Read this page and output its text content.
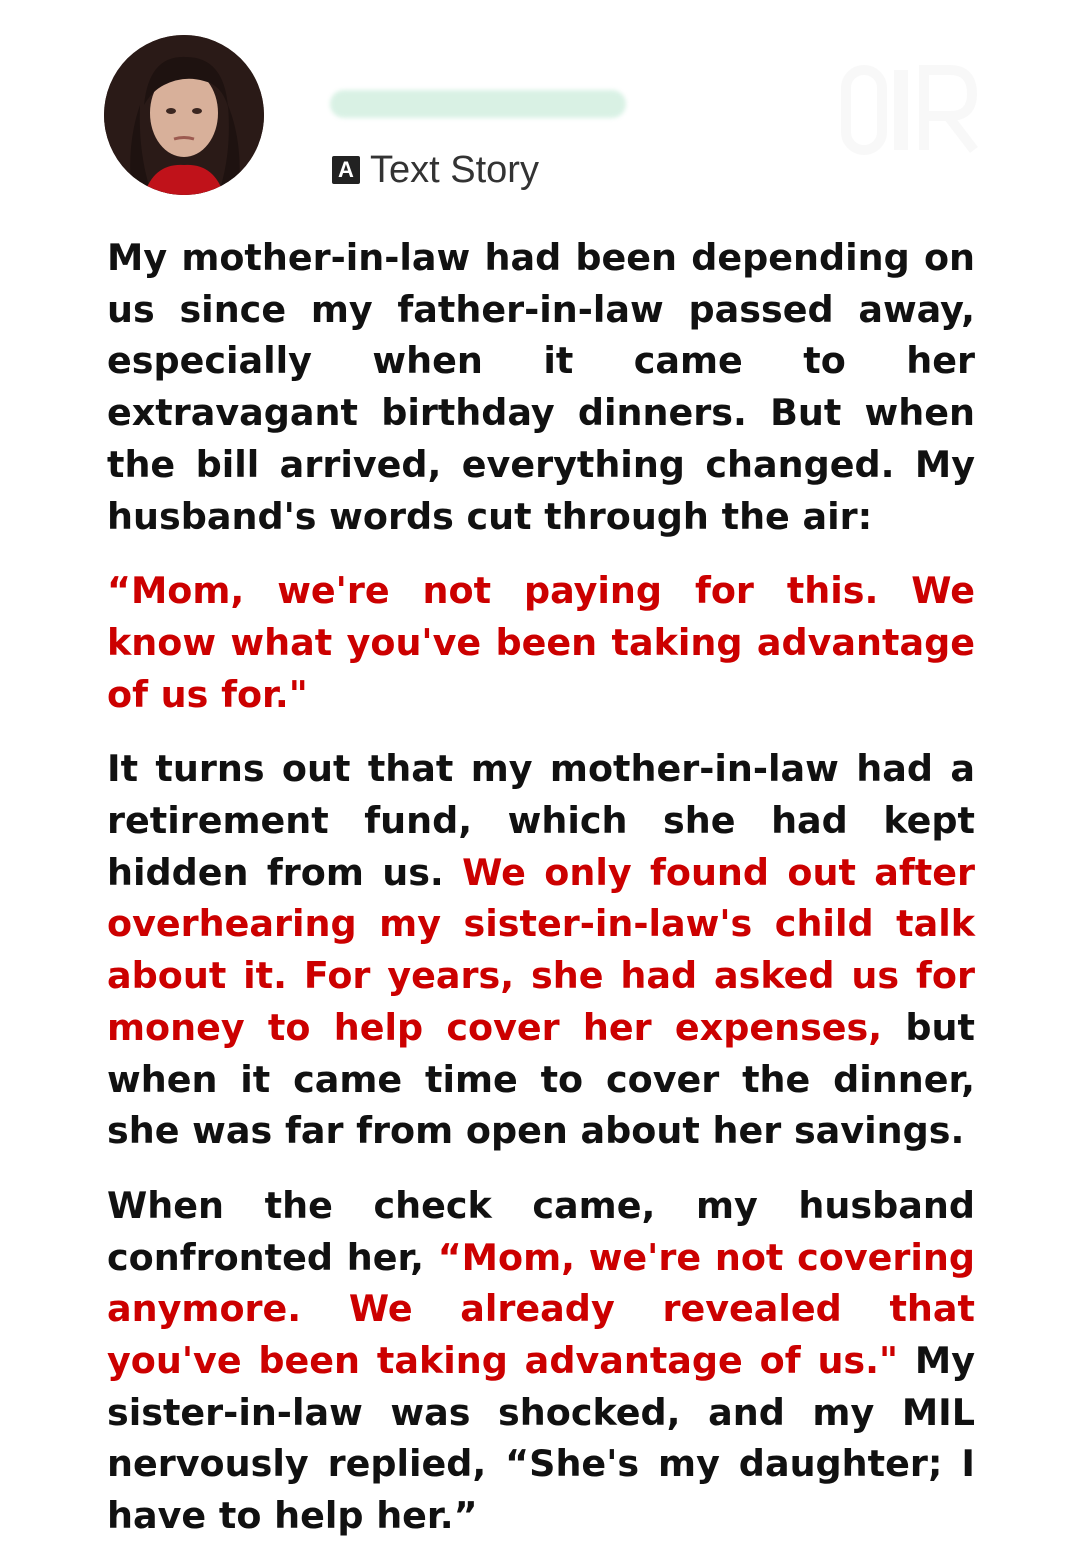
A Text Story

My mother-in-law had been depending on us since my father-in-law passed away, especially when it came to her extravagant birthday dinners. But when the bill arrived, everything changed. My husband's words cut through the air:

“Mom, we're not paying for this. We know what you've been taking advantage of us for."

It turns out that my mother-in-law had a retirement fund, which she had kept hidden from us. We only found out after overhearing my sister-in-law's child talk about it. For years, she had asked us for money to help cover her expenses, but when it came time to cover the dinner, she was far from open about her savings.

When the check came, my husband confronted her, “Mom, we're not covering anymore. We already revealed that you've been taking advantage of us." My sister-in-law was shocked, and my MIL nervously replied, “She's my daughter; I have to help her.”
